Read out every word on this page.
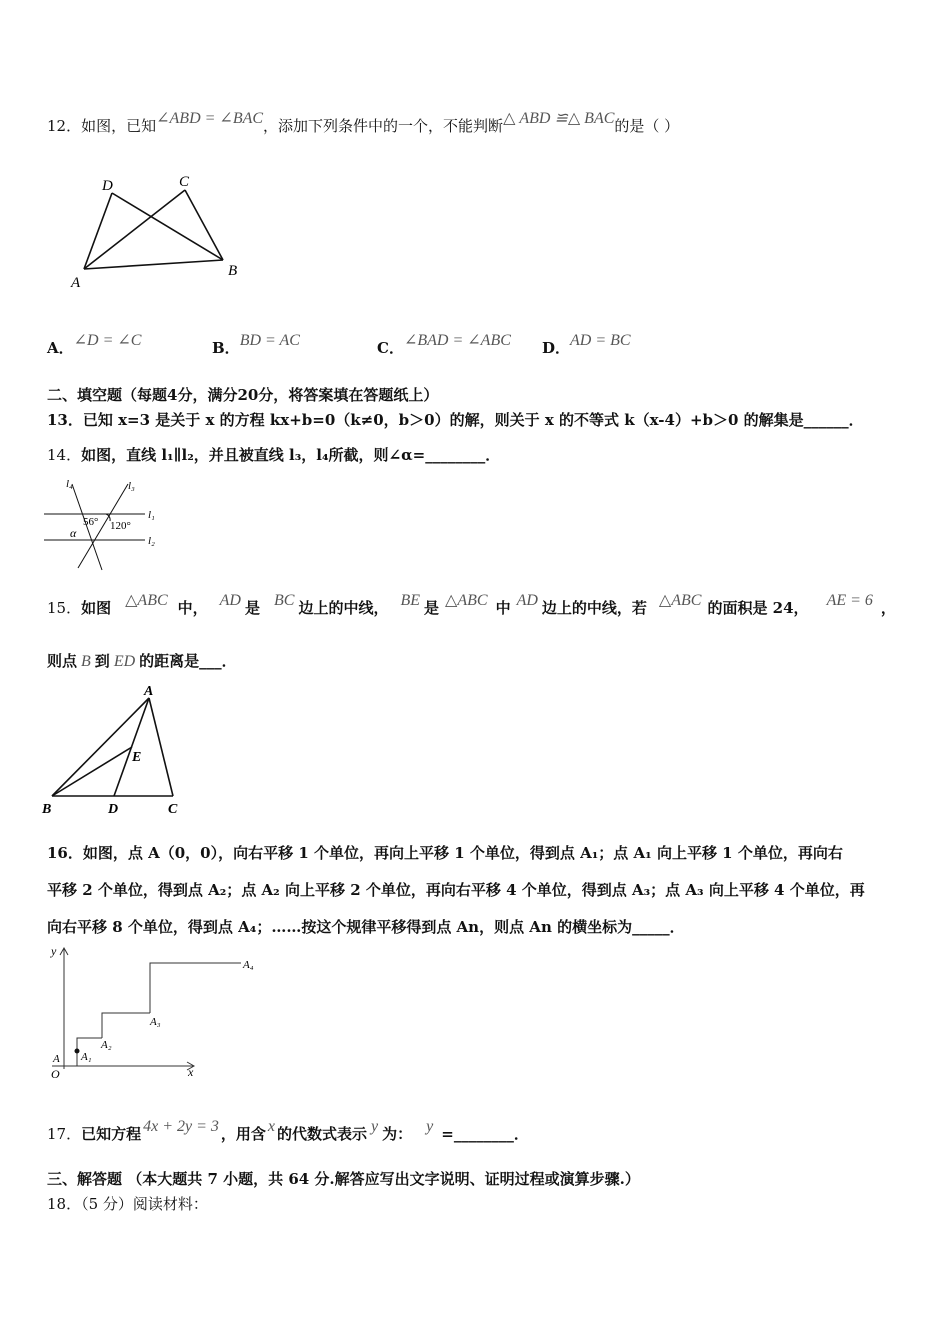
12．如图，已知∠ABD = ∠BAC，添加下列条件中的一个，不能判断△ ABD ≌△ BAC的是（ ）
D	C
A
B
A．∠D = ∠C	B．BD = AC	C．∠BAD = ∠ABC D．AD = BC
二、填空题（每题4分，满分20分，将答案填在答题纸上）
13．已知 x=3 是关于 x 的方程 kx+b=0（k≠0，b＞0）的解，则关于 x 的不等式 k（x-4）+b＞0 的解集是______．
14．如图，直线 l₁∥l₂，并且被直线 l₃，l₄所截，则∠α=________．
l₄	l₃
l₁
l₂
56° 120°
α
15．如图 △ABC 中， AD 是 BC 边上的中线， BE 是 △ABC 中 AD 边上的中线，若 △ABC 的面积是 24， AE = 6 ，
则点 B 到 ED 的距离是___．
A
E
B	D	C
16．如图，点 A（0，0），向右平移 1 个单位，再向上平移 1 个单位，得到点 A₁；点 A₁ 向上平移 1 个单位，再向右
平移 2 个单位，得到点 A₂；点 A₂ 向上平移 2 个单位，再向右平移 4 个单位，得到点 A₃；点 A₃ 向上平移 4 个单位，再
向右平移 8 个单位，得到点 A₄；……按这个规律平移得到点 An，则点 An 的横坐标为_____．
y
x
O
A A₁
A₂
A₃
A₄
17．已知方程 4x + 2y = 3 ，用含 x 的代数式表示 y 为： y =________．
三、解答题 （本大题共 7 小题，共 64 分.解答应写出文字说明、证明过程或演算步骤.）
18．（5 分）阅读材料：
